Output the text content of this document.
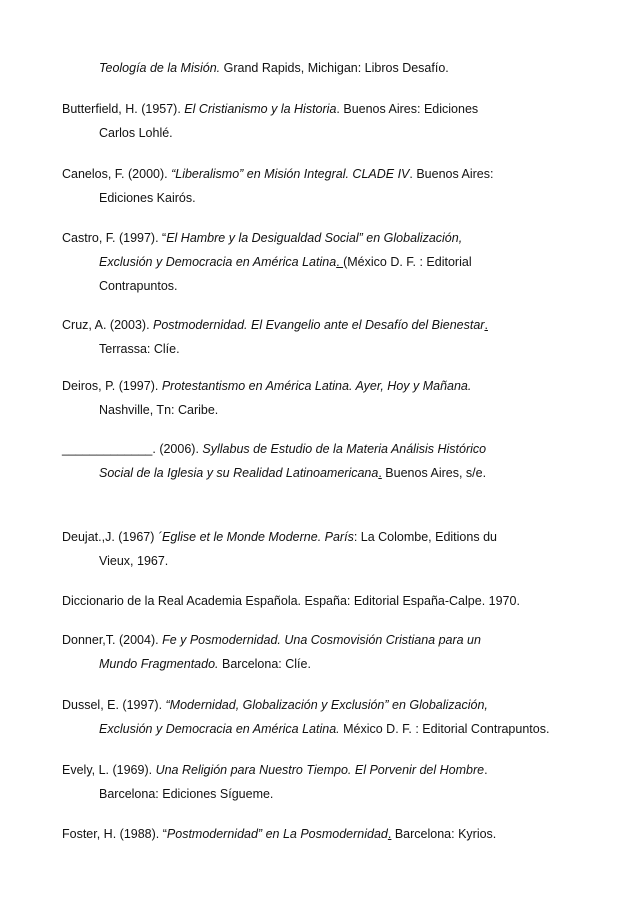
Teología de la Misión. Grand Rapids, Michigan: Libros Desafío.
Butterfield, H. (1957). El Cristianismo y la Historia. Buenos Aires: Ediciones
Carlos Lohlé.
Canelos, F. (2000). “Liberalismo” en Misión Integral. CLADE IV. Buenos Aires:
Ediciones Kairós.
Castro, F. (1997). “El Hambre y la Desigualdad Social” en Globalización,
Exclusión y Democracia en América Latina. (México D. F. : Editorial
Contrapuntos.
Cruz, A. (2003). Postmodernidad. El Evangelio ante el Desafío del Bienestar.
Terrassa: Clíe.
Deiros, P. (1997). Protestantismo en América Latina. Ayer, Hoy y Mañana.
Nashville, Tn: Caribe.
_____________. (2006). Syllabus de Estudio de la Materia Análisis Histórico
Social de la Iglesia y su Realidad Latinoamericana. Buenos Aires, s/e.
Deujat.,J. (1967) ´Eglise et le Monde Moderne. París: La Colombe, Editions du
Vieux, 1967.
Diccionario de la Real Academia Española. España: Editorial España-Calpe. 1970.
Donner,T. (2004). Fe y Posmodernidad. Una Cosmovisión Cristiana para un
Mundo Fragmentado. Barcelona: Clíe.
Dussel, E. (1997). “Modernidad, Globalización y Exclusión” en Globalización,
Exclusión y Democracia en América Latina. México D. F. : Editorial Contrapuntos.
Evely, L. (1969). Una Religión para Nuestro Tiempo. El Porvenir del Hombre.
Barcelona: Ediciones Sígueme.
Foster, H. (1988). “Postmodernidad” en La Posmodernidad. Barcelona: Kyrios.
